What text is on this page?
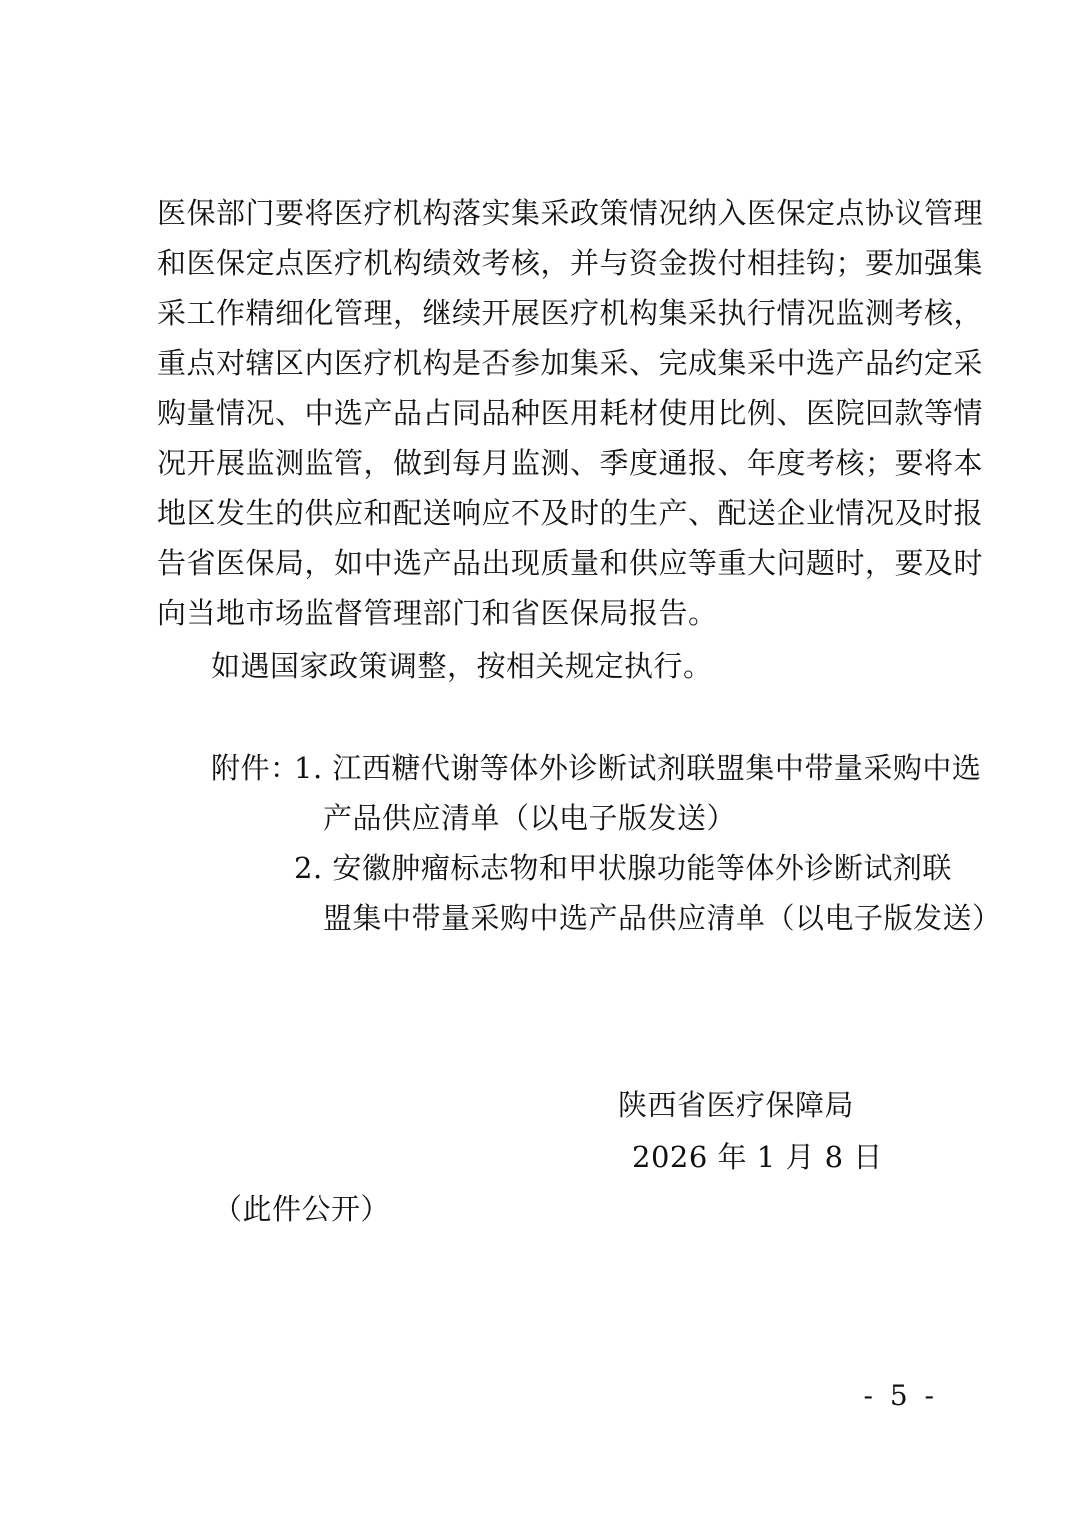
医保部门要将医疗机构落实集采政策情况纳入医保定点协议管理
和医保定点医疗机构绩效考核，并与资金拨付相挂钩；要加强集
采工作精细化管理，继续开展医疗机构集采执行情况监测考核，
重点对辖区内医疗机构是否参加集采、完成集采中选产品约定采
购量情况、中选产品占同品种医用耗材使用比例、医院回款等情
况开展监测监管，做到每月监测、季度通报、年度考核；要将本
地区发生的供应和配送响应不及时的生产、配送企业情况及时报
告省医保局，如中选产品出现质量和供应等重大问题时，要及时
向当地市场监督管理部门和省医保局报告。
如遇国家政策调整，按相关规定执行。
附件：
1. 江西糖代谢等体外诊断试剂联盟集中带量采购中选
产品供应清单（以电子版发送）
2. 安徽肿瘤标志物和甲状腺功能等体外诊断试剂联
盟集中带量采购中选产品供应清单（以电子版发送）
陕西省医疗保障局
2026 年 1 月 8 日
（此件公开）
- 5 -
